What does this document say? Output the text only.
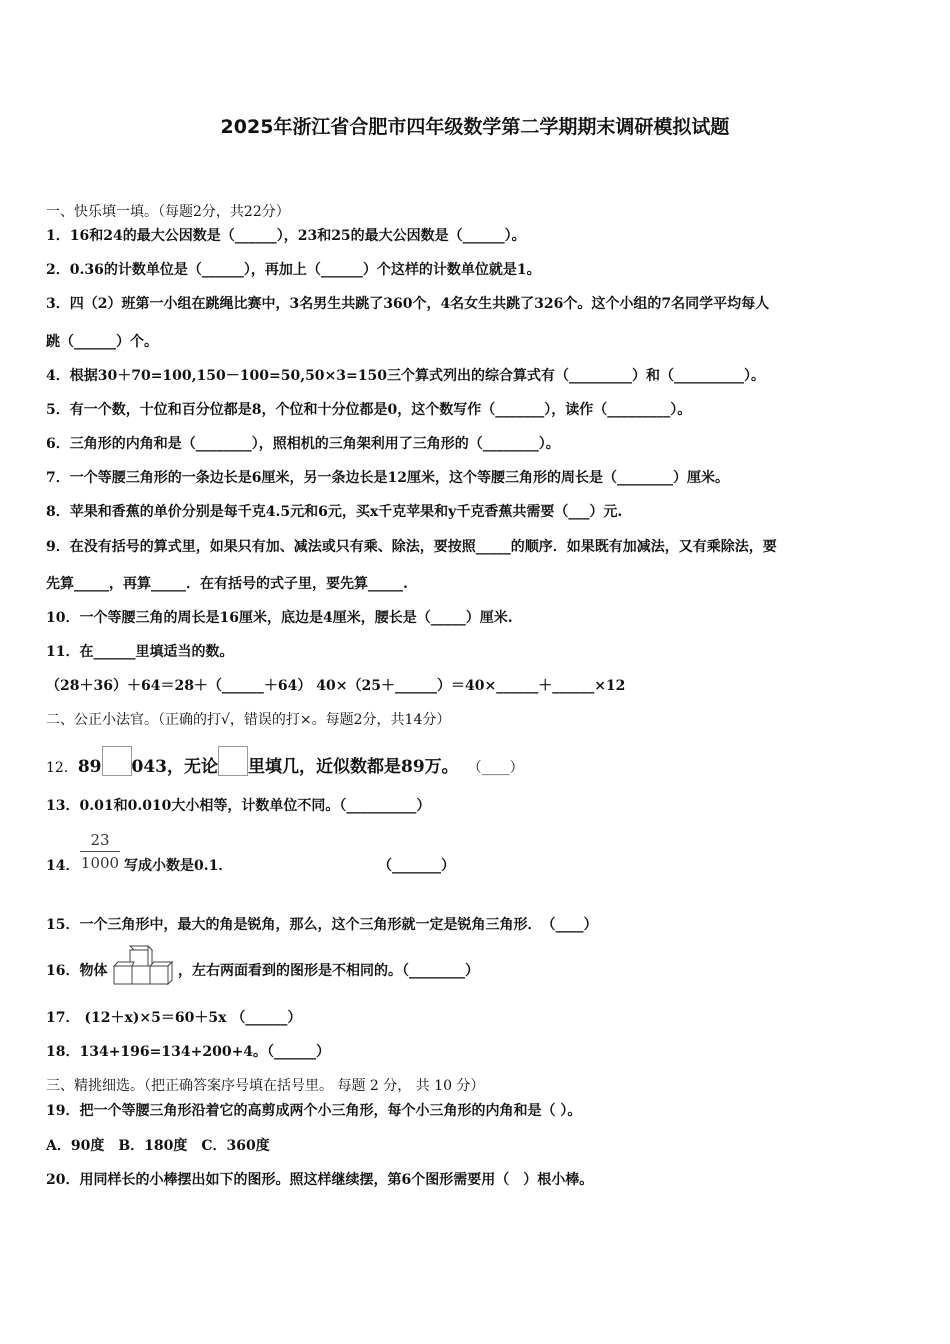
2025年浙江省合肥市四年级数学第二学期期末调研模拟试题
一、快乐填一填。（每题2分，共22分）
1．16和24的最大公因数是（______），23和25的最大公因数是（______）。
2．0.36的计数单位是（______），再加上（______）个这样的计数单位就是1。
3．四（2）班第一小组在跳绳比赛中，3名男生共跳了360个，4名女生共跳了326个。这个小组的7名同学平均每人
跳（______）个。
4．根据30＋70=100,150－100=50,50×3=150三个算式列出的综合算式有（_________）和（__________）。
5．有一个数，十位和百分位都是8，个位和十分位都是0，这个数写作（_______），读作（_________）。
6．三角形的内角和是（________），照相机的三角架利用了三角形的（________）。
7．一个等腰三角形的一条边长是6厘米，另一条边长是12厘米，这个等腰三角形的周长是（________）厘米。
8．苹果和香蕉的单价分别是每千克4.5元和6元，买x千克苹果和y千克香蕉共需要（___）元.
9．在没有括号的算式里，如果只有加、减法或只有乘、除法，要按照_____的顺序．如果既有加减法，又有乘除法，要
先算_____，再算_____．在有括号的式子里，要先算_____.
10．一个等腰三角的周长是16厘米，底边是4厘米，腰长是（_____）厘米.
11．在______里填适当的数。
（28＋36）＋64＝28＋（______＋64） 40×（25＋______）＝40×______＋______×12
二、公正小法官。（正确的打√，错误的打×。每题2分，共14分）
12．89 043，无论 里填几，近似数都是89万。 （____）
13．0.01和0.010大小相等，计数单位不同。（__________）
14．
23
1000 写成小数是0.1．	（_______）
15．一个三角形中，最大的角是锐角，那么，这个三角形就一定是锐角三角形．　（____）
16．物体	，左右两面看到的图形是不相同的。（________）
17． (12＋x)×5＝60＋5x （______）
18．134+196=134+200+4。（______）
三、精挑细选。（把正确答案序号填在括号里。 每题 2 分， 共 10 分）
19．把一个等腰三角形沿着它的高剪成两个小三角形，每个小三角形的内角和是（ ）。
A．90度　B．180度　C．360度
20．用同样长的小棒摆出如下的图形。照这样继续摆，第6个图形需要用（　）根小棒。
